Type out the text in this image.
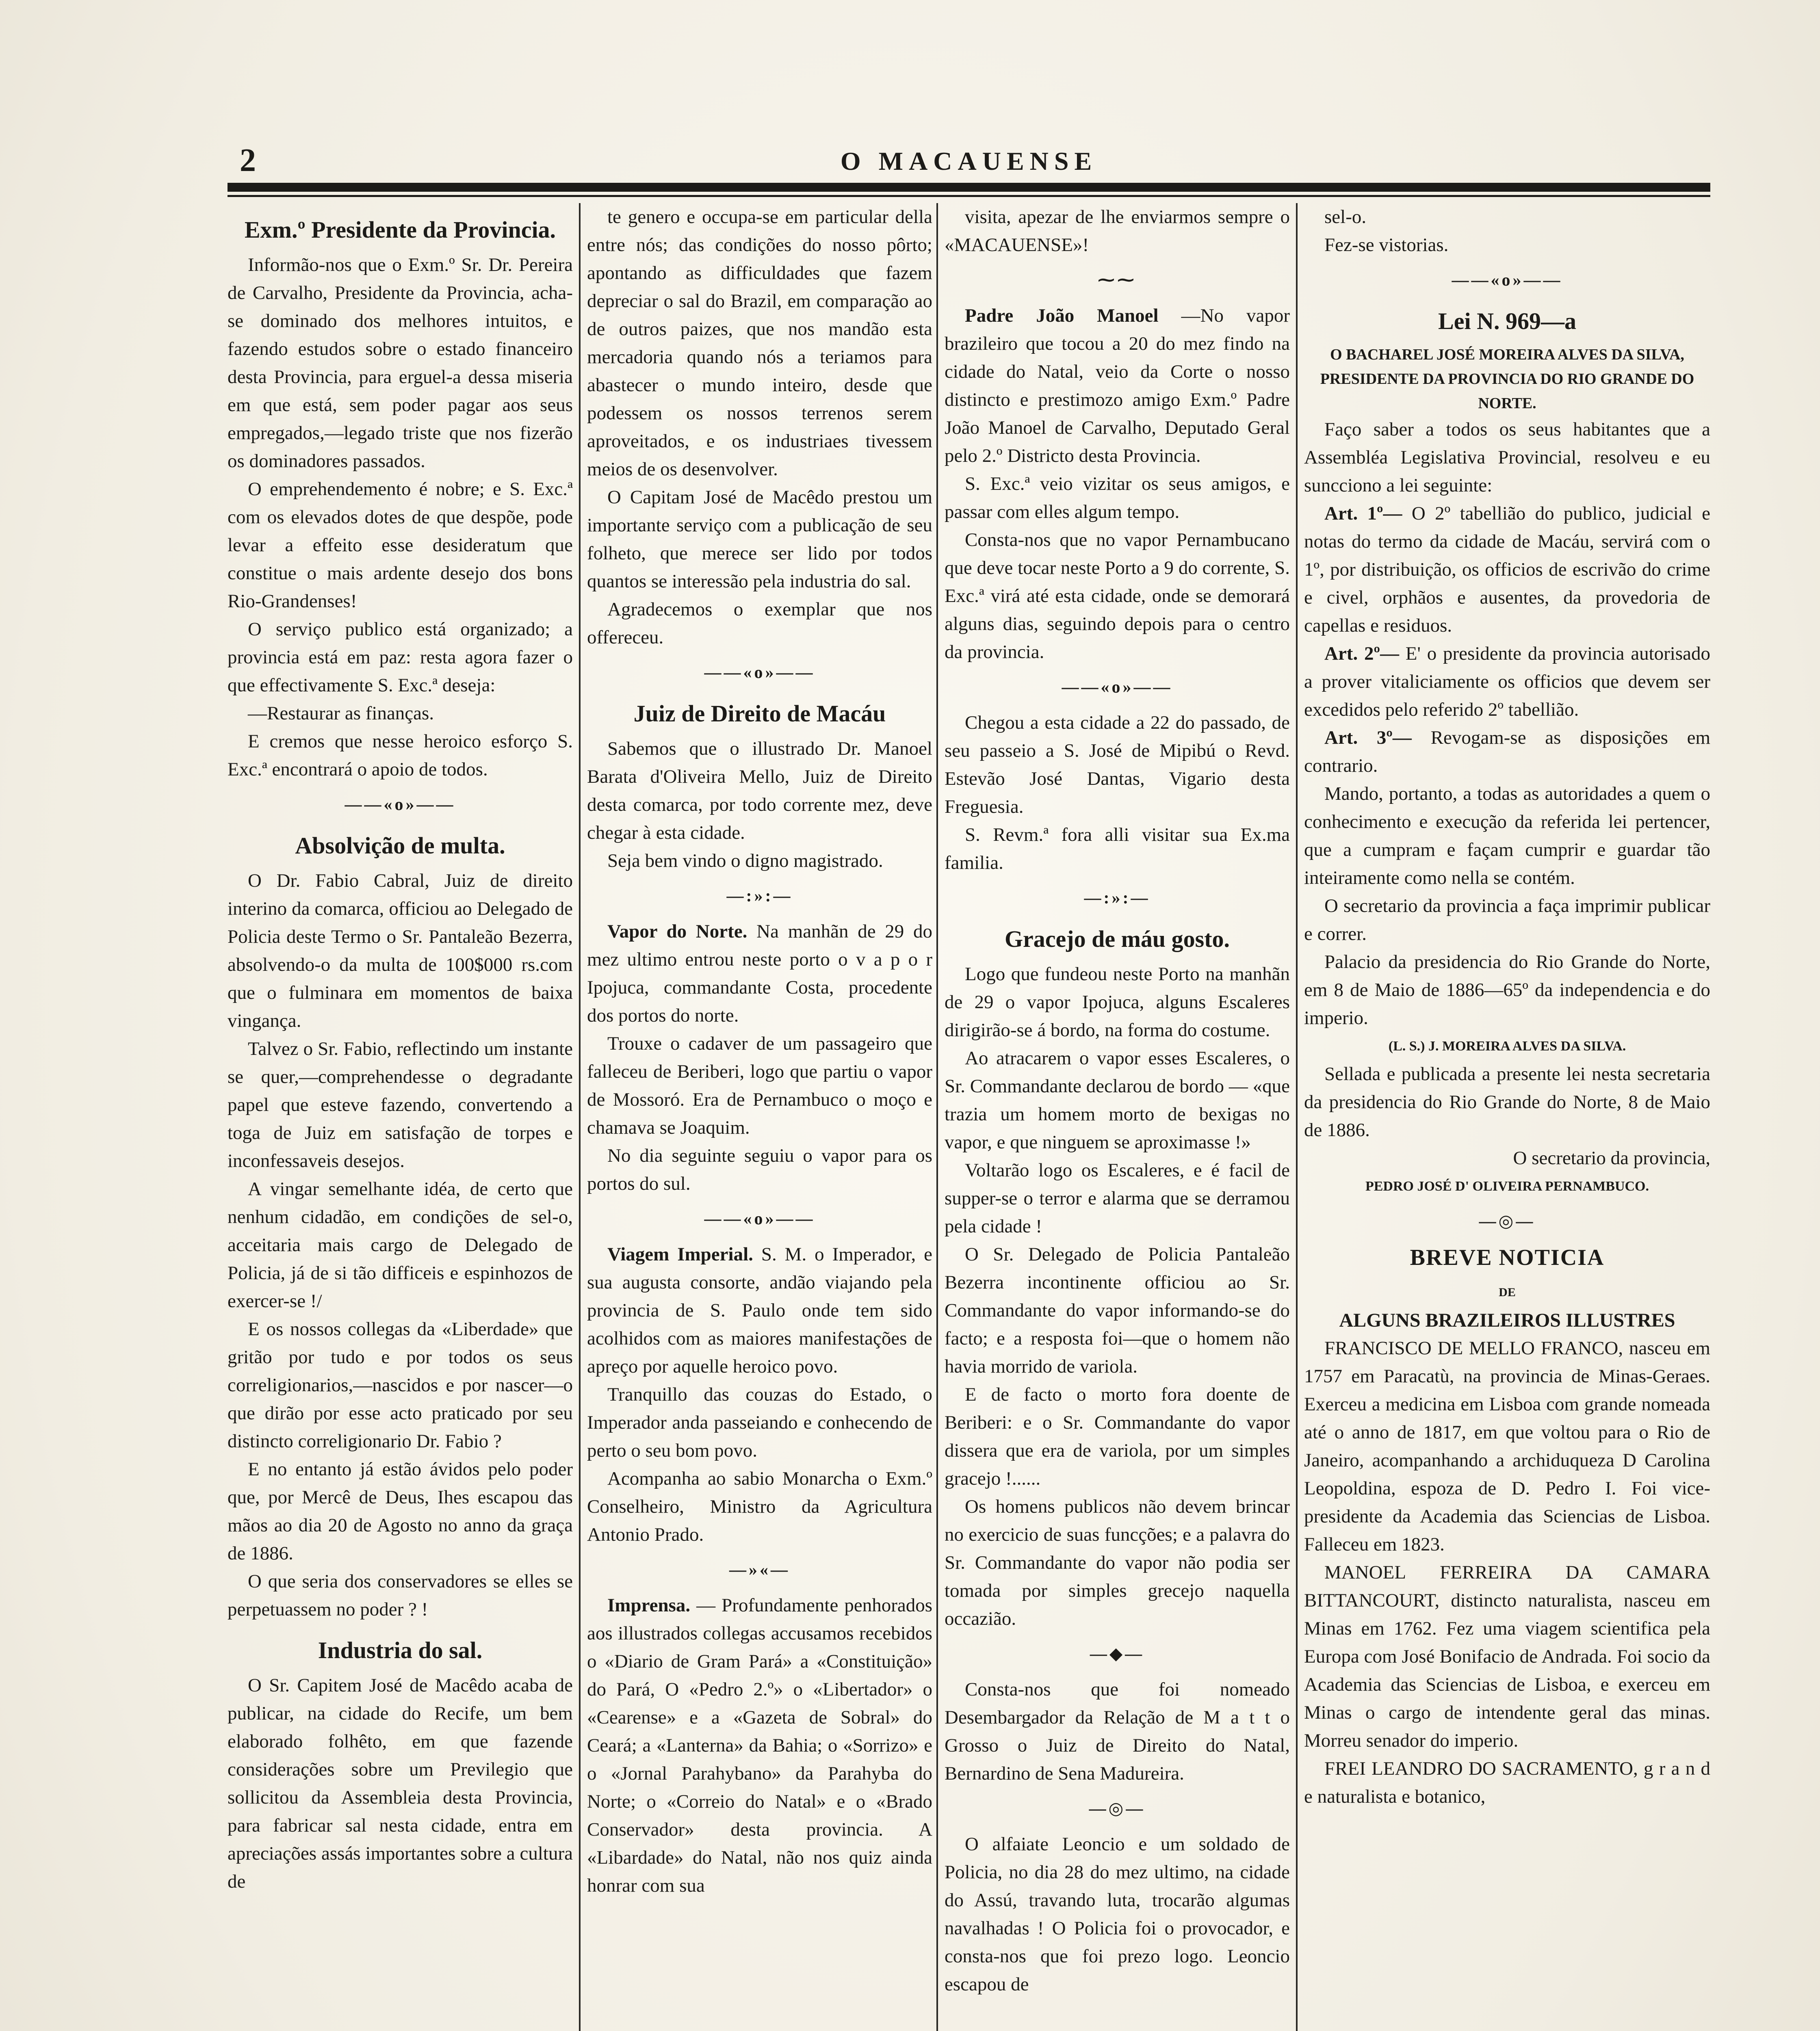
2	O MACAUENSE
Exm.º Presidente da Provincia.

Informão-nos que o Exm.º Sr. Dr. Pereira de Carvalho, Presidente da Provincia, acha-se dominado dos melhores intuitos, e fazendo estudos sobre o estado financeiro desta Provincia, para erguel-a dessa miseria em que está, sem poder pagar aos seus empregados,—legado triste que nos fizerão os dominadores passados.

O emprehendemento é nobre; e S. Exc.ª com os elevados dotes de que despõe, pode levar a effeito esse desideratum que constitue o mais ardente desejo dos bons Rio-Grandenses!

O serviço publico está organizado; a provincia está em paz: resta agora fazer o que effectivamente S. Exc.ª deseja:

—Restaurar as finanças.

E cremos que nesse heroico esforço S. Exc.ª encontrará o apoio de todos.

——«o»——
Absolvição de multa.

O Dr. Fabio Cabral, Juiz de direito interino da comarca, officiou ao Delegado de Policia deste Termo o Sr. Pantaleão Bezerra, absolvendo-o da multa de 100$000 rs.com que o fulminara em momentos de baixa vingança.

Talvez o Sr. Fabio, reflectindo um instante se quer,—comprehendesse o degradante papel que esteve fazendo, convertendo a toga de Juiz em satisfação de torpes e inconfessaveis desejos.

A vingar semelhante idéa, de certo que nenhum cidadão, em condições de sel-o, acceitaria mais cargo de Delegado de Policia, já de si tão difficeis e espinhozos de exercer-se !/

E os nossos collegas da «Liberdade» que gritão por tudo e por todos os seus correligionarios,—nascidos e por nascer—o que dirão por esse acto praticado por seu distincto correligionario Dr. Fabio ?

E no entanto já estão ávidos pelo poder que, por Mercê de Deus, Ihes escapou das mãos ao dia 20 de Agosto no anno da graça de 1886.

O que seria dos conservadores se elles se perpetuassem no poder ? !

Industria do sal.

O Sr. Capitem José de Macêdo acaba de publicar, na cidade do Recife, um bem elaborado folhêto, em que fazende considerações sobre um Previlegio que sollicitou da Assembleia desta Provincia, para fabricar sal nesta cidade, entra em apreciações assás importantes sobre a cultura de

te genero e occupa-se em particular della entre nós; das condições do nosso pôrto; apontando as difficuldades que fazem depreciar o sal do Brazil, em comparação ao de outros paizes, que nos mandão esta mercadoria quando nós a teriamos para abastecer o mundo inteiro, desde que podessem os nossos terrenos serem aproveitados, e os industriaes tivessem meios de os desenvolver.

O Capitam José de Macêdo prestou um importante serviço com a publicação de seu folheto, que merece ser lido por todos quantos se interessão pela industria do sal.

Agradecemos o exemplar que nos offereceu.

——«o»——
Juiz de Direito de Macáu

Sabemos que o illustrado Dr. Manoel Barata d'Oliveira Mello, Juiz de Direito desta comarca, por todo corrente mez, deve chegar à esta cidade.

Seja bem vindo o digno magistrado.

—:»:—

Vapor do Norte. Na manhãn de 29 do mez ultimo entrou neste porto o v a p o r Ipojuca, commandante Costa, procedente dos portos do norte.

Trouxe o cadaver de um passageiro que falleceu de Beriberi, logo que partiu o vapor de Mossoró. Era de Pernambuco o moço e chamava se Joaquim.

No dia seguinte seguiu o vapor para os portos do sul.

——«o»——

Viagem Imperial. S. M. o Imperador, e sua augusta consorte, andão viajando pela provincia de S. Paulo onde tem sido acolhidos com as maiores manifestações de apreço por aquelle heroico povo.

Tranquillo das couzas do Estado, o Imperador anda passeiando e conhecendo de perto o seu bom povo.

Acompanha ao sabio Monarcha o Exm.º Conselheiro, Ministro da Agricultura Antonio Prado.

—»«—

Imprensa. — Profundamente penhorados aos illustrados collegas accusamos recebidos o «Diario de Gram Pará» a «Constituição» do Pará, O «Pedro 2.º» o «Libertador» o «Cearense» e a «Gazeta de Sobral» do Ceará; a «Lanterna» da Bahia; o «Sorrizo» e o «Jornal Parahybano» da Parahyba do Norte; o «Correio do Natal» e o «Brado Conservador» desta provincia. A «Libardade» do Natal, não nos quiz ainda honrar com sua

visita, apezar de lhe enviarmos sempre o «MACAUENSE»!

⁓⁓

Padre João Manoel —No vapor brazileiro que tocou a 20 do mez findo na cidade do Natal, veio da Corte o nosso distincto e prestimozo amigo Exm.º Padre João Manoel de Carvalho, Deputado Geral pelo 2.º Districto desta Provincia.

S. Exc.ª veio vizitar os seus amigos, e passar com elles algum tempo.

Consta-nos que no vapor Pernambucano que deve tocar neste Porto a 9 do corrente, S. Exc.ª virá até esta cidade, onde se demorará alguns dias, seguindo depois para o centro da provincia.

——«o»——

Chegou a esta cidade a 22 do passado, de seu passeio a S. José de Mipibú o Revd. Estevão José Dantas, Vigario desta Freguesia.

S. Revm.ª fora alli visitar sua Ex.ma familia.

—:»:—
Gracejo de máu gosto.

Logo que fundeou neste Porto na manhãn de 29 o vapor Ipojuca, alguns Escaleres dirigirão-se á bordo, na forma do costume.

Ao atracarem o vapor esses Escaleres, o Sr. Commandante declarou de bordo — «que trazia um homem morto de bexigas no vapor, e que ninguem se aproximasse !»

Voltarão logo os Escaleres, e é facil de supper-se o terror e alarma que se derramou pela cidade !

O Sr. Delegado de Policia Pantaleão Bezerra incontinente officiou ao Sr. Commandante do vapor informando-se do facto; e a resposta foi—que o homem não havia morrido de variola.

E de facto o morto fora doente de Beriberi: e o Sr. Commandante do vapor dissera que era de variola, por um simples gracejo !......

Os homens publicos não devem brincar no exercicio de suas funcções; e a palavra do Sr. Commandante do vapor não podia ser tomada por simples grecejo naquella occazião.

—◆—

Consta-nos que foi nomeado Desembargador da Relação de M a t t o Grosso o Juiz de Direito do Natal, Bernardino de Sena Madureira.

—◎—

O alfaiate Leoncio e um soldado de Policia, no dia 28 do mez ultimo, na cidade do Assú, travando luta, trocarão algumas navalhadas ! O Policia foi o provocador, e consta-nos que foi prezo logo. Leoncio escapou de

sel-o.

Fez-se vistorias.

——«o»——
Lei N. 969—a

O BACHAREL JOSÉ MOREIRA ALVES DA SILVA, PRESIDENTE DA PROVINCIA DO RIO GRANDE DO NORTE.

Faço saber a todos os seus habitantes que a Assembléa Legislativa Provincial, resolveu e eu suncciono a lei seguinte:

Art. 1º— O 2º tabellião do publico, judicial e notas do termo da cidade de Macáu, servirá com o 1º, por distribuição, os officios de escrivão do crime e civel, orphãos e ausentes, da provedoria de capellas e residuos.

Art. 2º— E' o presidente da provincia autorisado a prover vitaliciamente os officios que devem ser excedidos pelo referido 2º tabellião.

Art. 3º— Revogam-se as disposições em contrario.

Mando, portanto, a todas as autoridades a quem o conhecimento e execução da referida lei pertencer, que a cumpram e façam cumprir e guardar tão inteiramente como nella se contém.

O secretario da provincia a faça imprimir publicar e correr.

Palacio da presidencia do Rio Grande do Norte, em 8 de Maio de 1886—65º da independencia e do imperio.

(L. S.) J. MOREIRA ALVES DA SILVA.

Sellada e publicada a presente lei nesta secretaria da presidencia do Rio Grande do Norte, 8 de Maio de 1886.

O secretario da provincia,

PEDRO JOSÉ D' OLIVEIRA PERNAMBUCO.

—◎—
BREVE NOTICIA

DE

ALGUNS BRAZILEIROS ILLUSTRES

FRANCISCO DE MELLO FRANCO, nasceu em 1757 em Paracatù, na provincia de Minas-Geraes. Exerceu a medicina em Lisboa com grande nomeada até o anno de 1817, em que voltou para o Rio de Janeiro, acompanhando a archiduqueza D Carolina Leopoldina, espoza de D. Pedro I. Foi vice-presidente da Academia das Sciencias de Lisboa. Falleceu em 1823.

MANOEL FERREIRA DA CAMARA BITTANCOURT, distincto naturalista, nasceu em Minas em 1762. Fez uma viagem scientifica pela Europa com José Bonifacio de Andrada. Foi socio da Academia das Sciencias de Lisboa, e exerceu em Minas o cargo de intendente geral das minas. Morreu senador do imperio.

FREI LEANDRO DO SACRAMENTO, g r a n d e naturalista e botanico,
